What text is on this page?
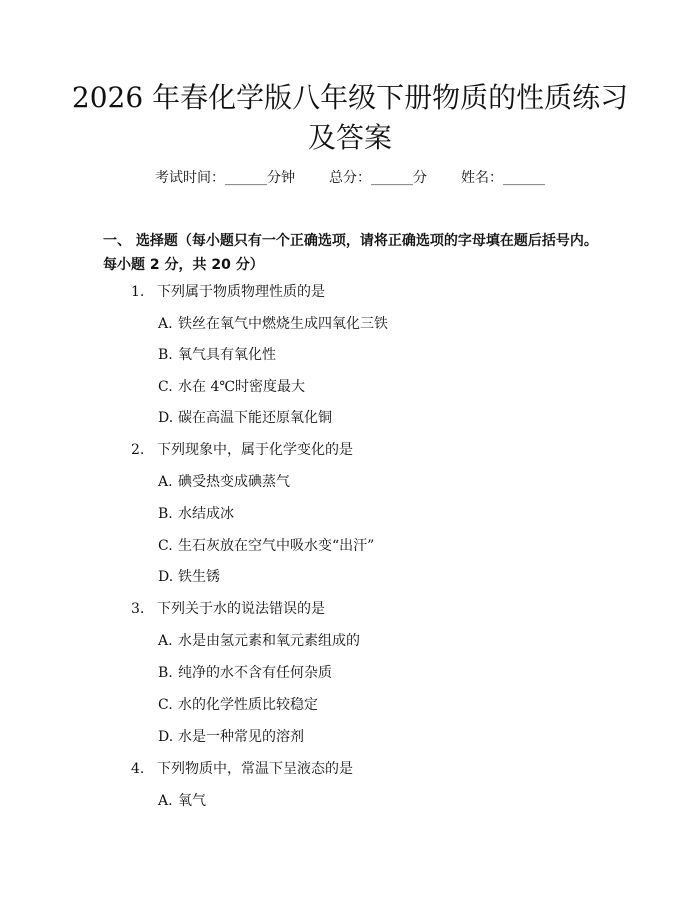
2026 年春化学版八年级下册物质的性质练习
及答案
考试时间：______分钟 总分：______分 姓名：______
一、 选择题（每小题只有一个正确选项，请将正确选项的字母填在题后括号内。
每小题 2 分，共 20 分）
1. 下列属于物质物理性质的是
A. 铁丝在氧气中燃烧生成四氧化三铁
B. 氧气具有氧化性
C. 水在 4℃时密度最大
D. 碳在高温下能还原氧化铜
2. 下列现象中，属于化学变化的是
A. 碘受热变成碘蒸气
B. 水结成冰
C. 生石灰放在空气中吸水变“出汗”
D. 铁生锈
3. 下列关于水的说法错误的是
A. 水是由氢元素和氧元素组成的
B. 纯净的水不含有任何杂质
C. 水的化学性质比较稳定
D. 水是一种常见的溶剂
4. 下列物质中，常温下呈液态的是
A. 氧气
